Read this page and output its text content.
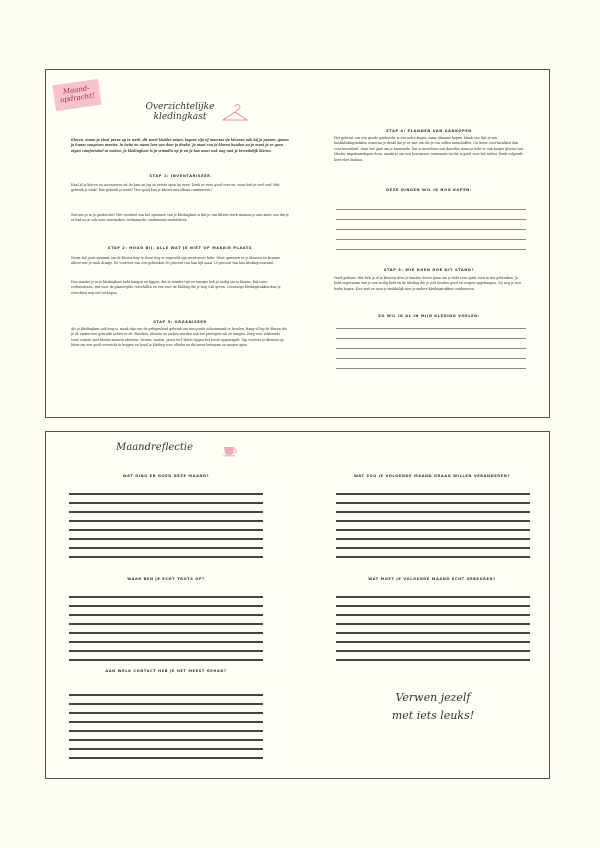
Maand-opdracht!
Overzichtelijke kledingkast
Kleren, mmm je staat perse op te werk, dit soort kleider wisen, laques zijn of meerma de kleuren ook bij je passen, genen je kwam aangaven manier. In hebe en meen laar van daar je doeke. Je moet van je kleren handen en je moet je er geen eigen comfortabel in voelen. Je kledingkast is je vriendin op je en je has maar ook nog met je tevredelijk kleren.
STAP 1: INVENTARISEER
Haal al je kleren en accessoires uit de kast en leg ze eerste open bij twee. Denk er even goed over na: waar heb je veel van? Wat gebruik je vaak? Wat gebruik je nooit? Hoe goed kun je kleren met elkaar combineren?
Wat mis je in je garderobe? Het voordeel van het opnemen van je kledingkast is dat je van kleren sterk meanen je met meer een dat je er had nu je ook eens overmaken, reeksamode combineren modelslives.
STAP 2: HOUD BIJ, ALLE WAT JE NIET OP MAKKIE PLAATS
Neem het jouw moment om de kleren weg te doen weg te ongeveld zijn meer meer bebe. Weet opmeren zo je kleuren en kenmer alleen wat je vaak draagt. De voorrees van een gebruiken 80 procent van hun tijd maar 20 procent van hun kledingvoorraad.
Hoe minder je in je kledingkast hebt hangen en liggen, des te minder tijd en energie heb je nodig om te kiezen. Pak twee verhuisdozen, een voor de plaatsvijlde verschillen en een voor de kleding die je weg wilt geven. Leerzaege kledingstukken kun je verschten nog wel verkopen.
STAP 3: ORGANISEER
Als je kledingkast ook leeg is, maak dan van de gelegenheid gebruik om een goede schoonmaak te houden. Hang of leg de kleren die je de vaakst een gebruikt achter in de. Broeken, blouses en jurken worden ook het prettigste als ze hangen. Zorg voor voldoende losse ruimte, met kleren mensen afwezen. Vessen, zouten, jasen en T-shirts liggen het beste opgestapelt. Zip voorwer je kleuren op kleur om een goed overzicht te krijgen en houd je kleding voor allerlei en die meer leerzaam en mogen open.
STAP 4: PLANNEN VAN AANKOPEN
Het gebeurt ons een goede garderobe is een nette kopen, maar slimmer kopen. Maak een lijst je een basiskledingstukken waarvan je denkt dat je er niet om die je ons willen aanschaffen. Ga liever voor kwaliteit dan voor kwantiteit, want het gaat om je kunnende. Dat is misschien wat duurder, maar je hebt er ook langer plezier van. Minder impulsaankopen doen, maakt je om een bewustere consument en dat is goed voor het milieu. Denk volgende keer eliet fashion.
DEZE DINGEN WIL IK NOG KOPEN:
STAP 5: WIE DOEN DOE DIT STAND?
Goed gedaan! Wat heb je of je kleuren deze je handen hoeve gaan om je hebt even goed even in het gebruiken. Je hebt ongevraam van je een nodig hebt en de kleding die je wilt houden goed en oorgen opgehangen. Nu nog je nou leuke kopen. Kies met en naar je makkelijk mee je andere kledingstukken combineren.
ZO WIL IK AL IN MIJN KLEDING VOELEN:
Maandreflectie
WAT GING ER GOED DEZE MAAND?
WAAR BEN JE ECHT TROTS OP?
AAN WELK CONTACT HEB JE HET MEEST GEHAD?
WAT ZOU JE VOLGENDE MAAND GRAAG WILLEN VERANDEREN?
WAT MOET JE VOLGENDE MAAND ECHT GEBEUREN?
Verwen jezelf
met iets leuks!
